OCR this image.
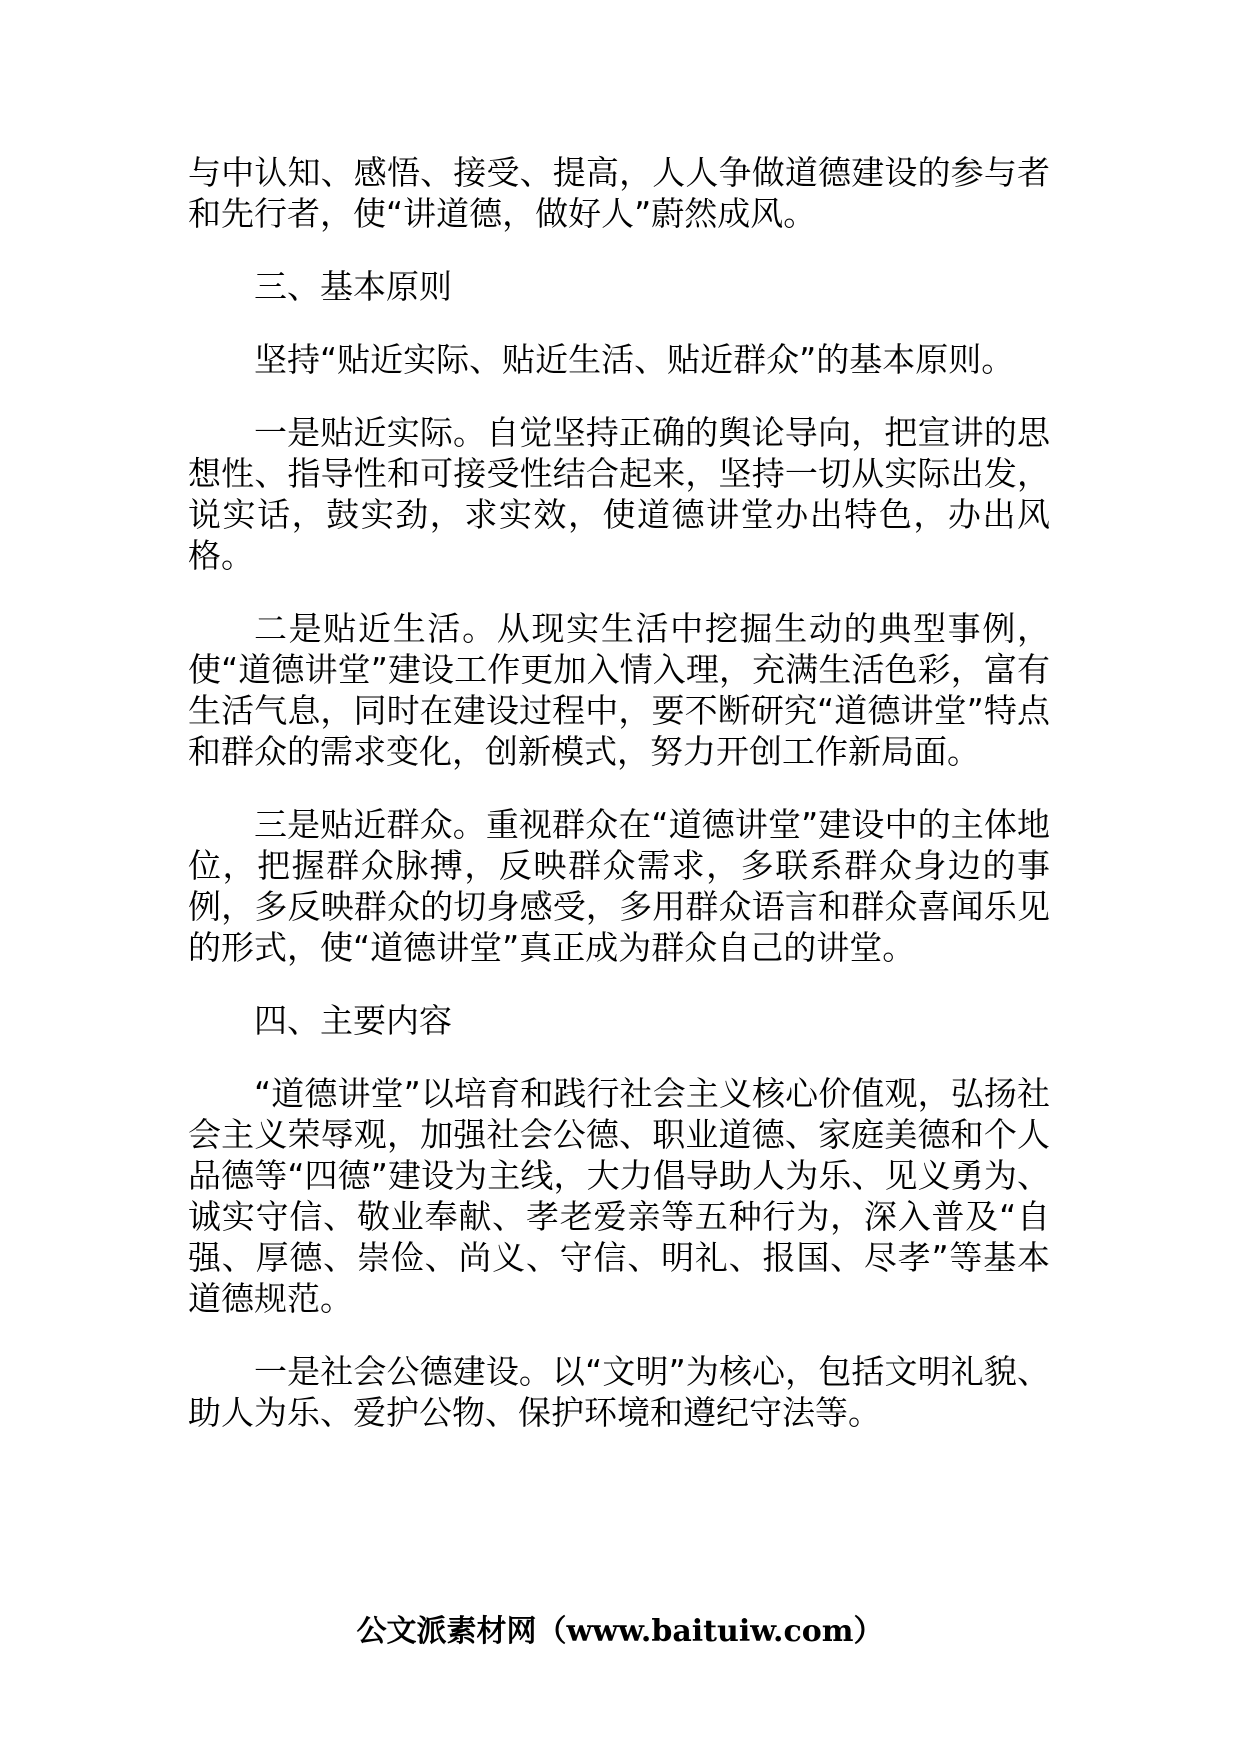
与中认知、感悟、接受、提高，人人争做道德建设的参与者和先行者，使“讲道德，做好人”蔚然成风。

三、基本原则

坚持“贴近实际、贴近生活、贴近群众”的基本原则。

一是贴近实际。自觉坚持正确的舆论导向，把宣讲的思想性、指导性和可接受性结合起来，坚持一切从实际出发，说实话，鼓实劲，求实效，使道德讲堂办出特色，办出风格。

二是贴近生活。从现实生活中挖掘生动的典型事例，使“道德讲堂”建设工作更加入情入理，充满生活色彩，富有生活气息，同时在建设过程中，要不断研究“道德讲堂”特点和群众的需求变化，创新模式，努力开创工作新局面。

三是贴近群众。重视群众在“道德讲堂”建设中的主体地位，把握群众脉搏，反映群众需求，多联系群众身边的事例，多反映群众的切身感受，多用群众语言和群众喜闻乐见的形式，使“道德讲堂”真正成为群众自己的讲堂。

四、主要内容

“道德讲堂”以培育和践行社会主义核心价值观，弘扬社会主义荣辱观，加强社会公德、职业道德、家庭美德和个人品德等“四德”建设为主线，大力倡导助人为乐、见义勇为、诚实守信、敬业奉献、孝老爱亲等五种行为，深入普及“自强、厚德、崇俭、尚义、守信、明礼、报国、尽孝”等基本道德规范。

一是社会公德建设。以“文明”为核心，包括文明礼貌、助人为乐、爱护公物、保护环境和遵纪守法等。

公文派素材网（www.baituiw.com）
